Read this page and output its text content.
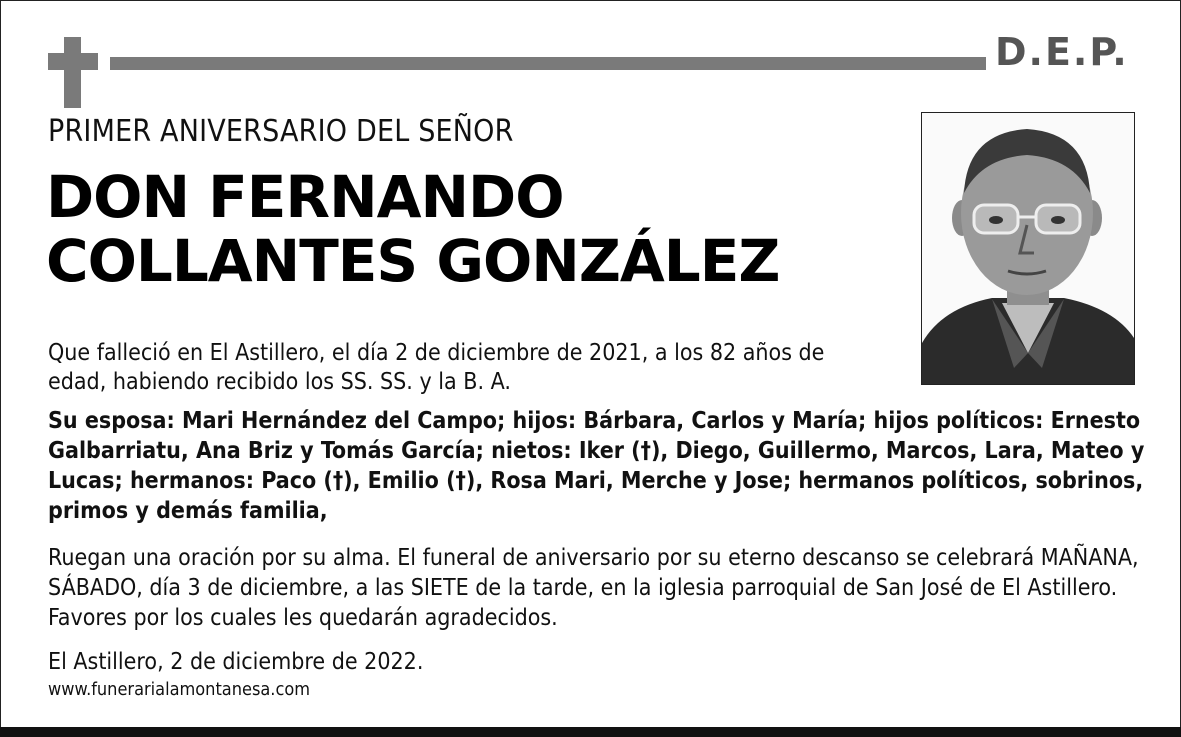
D.E.P.
PRIMER ANIVERSARIO DEL SEÑOR
DON FERNANDO
COLLANTES GONZÁLEZ
Que falleció en El Astillero, el día 2 de diciembre de 2021, a los 82 años de edad, habiendo recibido los SS. SS. y la B. A.
Su esposa: Mari Hernández del Campo; hijos: Bárbara, Carlos y María; hijos políticos: Ernesto Galbarriatu, Ana Briz y Tomás García; nietos: Iker (†), Diego, Guillermo, Marcos, Lara, Mateo y Lucas; hermanos: Paco (†), Emilio (†), Rosa Mari, Merche y Jose; hermanos políticos, sobrinos, primos y demás familia,
Ruegan una oración por su alma. El funeral de aniversario por su eterno descanso se celebrará MAÑANA, SÁBADO, día 3 de diciembre, a las SIETE de la tarde, en la iglesia parroquial de San José de El Astillero. Favores por los cuales les quedarán agradecidos.
El Astillero, 2 de diciembre de 2022.
www.funerarialamontanesa.com
